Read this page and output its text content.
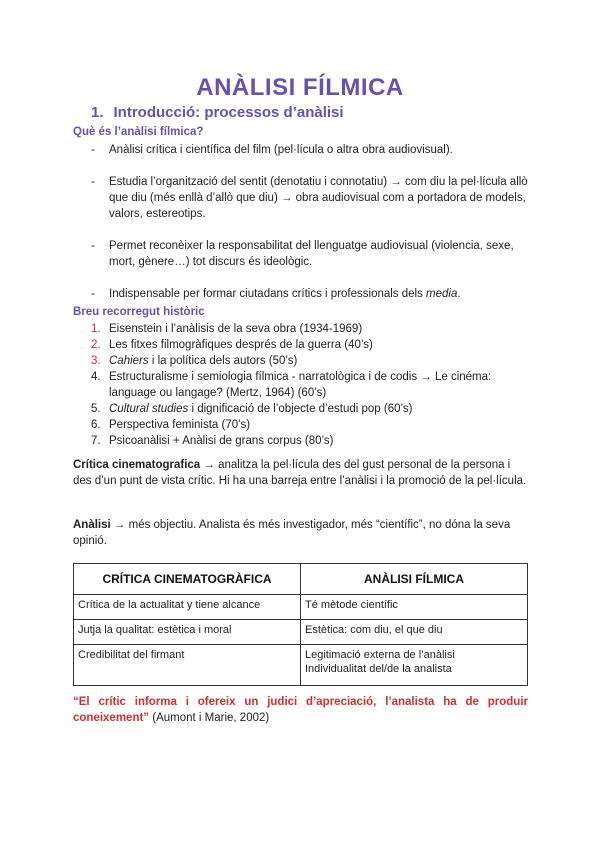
ANÀLISI FÍLMICA
1. Introducció: processos d’anàlisi
Què és l’anàlisi fílmica?
- Anàlisi crítica i científica del film (pel·lícula o altra obra audiovisual).
- Estudia l’organització del sentit (denotatiu i connotatiu) → com diu la pel·lícula allò que diu (més enllà d’allò que diu) → obra audiovisual com a portadora de models, valors, estereotips.
- Permet reconèixer la responsabilitat del llenguatge audiovisual (violencia, sexe, mort, gènere…) tot discurs és ideològic.
- Indispensable per formar ciutadans crítics i professionals dels media.
Breu recorregut històric
1. Eisenstein i l’anàlisis de la seva obra (1934-1969)
2. Les fitxes filmogràfiques després de la guerra (40’s)
3. Cahiers i la política dels autors (50’s)
4. Estructuralisme i semiologia fílmica - narratològica i de codis → Le cinéma: language ou langage? (Mertz, 1964) (60’s)
5. Cultural studies i dignificació de l’objecte d’estudi pop (60’s)
6. Perspectiva feminista (70’s)
7. Psicoanàlisi + Anàlisi de grans corpus (80’s)

Crítica cinematografica → analitza la pel·lícula des del gust personal de la persona i des d’un punt de vista crític. Hi ha una barreja entre l’anàlisi i la promoció de la pel·lícula.

Anàlisi → més objectiu. Analista és més investigador, més “científic”, no dóna la seva opinió.

CRÍTICA CINEMATOGRÀFICA	ANÀLISI FÍLMICA
Crítica de la actualitat y tiene alcance	Té mètode científic
Jutja la qualitat: estètica i moral	Estètica: com diu, el que diu
Credibilitat del firmant	Legitimació externa de l’anàlisi
Individualitat del/de la analista

“El crític informa i ofereix un judici d’apreciació, l’analista ha de produir coneixement” (Aumont i Marie, 2002)
